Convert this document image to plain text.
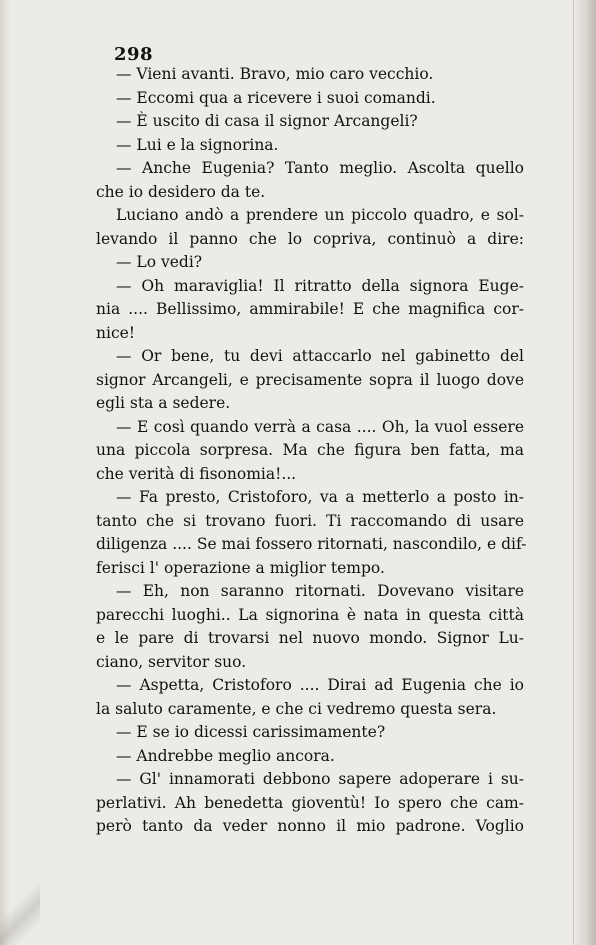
298
— Vieni avanti. Bravo, mio caro vecchio.
— Eccomi qua a ricevere i suoi comandi.
— È uscito di casa il signor Arcangeli?
— Lui e la signorina.
— Anche Eugenia? Tanto meglio. Ascolta quello
che io desidero da te.
Luciano andò a prendere un piccolo quadro, e sol-
levando il panno che lo copriva, continuò a dire:
— Lo vedi?
— Oh maraviglia! Il ritratto della signora Euge-
nia .... Bellissimo, ammirabile! E che magnifica cor-
nice!
— Or bene, tu devi attaccarlo nel gabinetto del
signor Arcangeli, e precisamente sopra il luogo dove
egli sta a sedere.
— E così quando verrà a casa .... Oh, la vuol essere
una piccola sorpresa. Ma che figura ben fatta, ma
che verità di fisonomia!...
— Fa presto, Cristoforo, va a metterlo a posto in-
tanto che si trovano fuori. Ti raccomando di usare
diligenza .... Se mai fossero ritornati, nascondilo, e dif-
ferisci l' operazione a miglior tempo.
— Eh, non saranno ritornati. Dovevano visitare
parecchi luoghi.. La signorina è nata in questa città
e le pare di trovarsi nel nuovo mondo. Signor Lu-
ciano, servitor suo.
— Aspetta, Cristoforo .... Dirai ad Eugenia che io
la saluto caramente, e che ci vedremo questa sera.
— E se io dicessi carissimamente?
— Andrebbe meglio ancora.
— Gl' innamorati debbono sapere adoperare i su-
perlativi. Ah benedetta gioventù! Io spero che cam-
però tanto da veder nonno il mio padrone. Voglio
